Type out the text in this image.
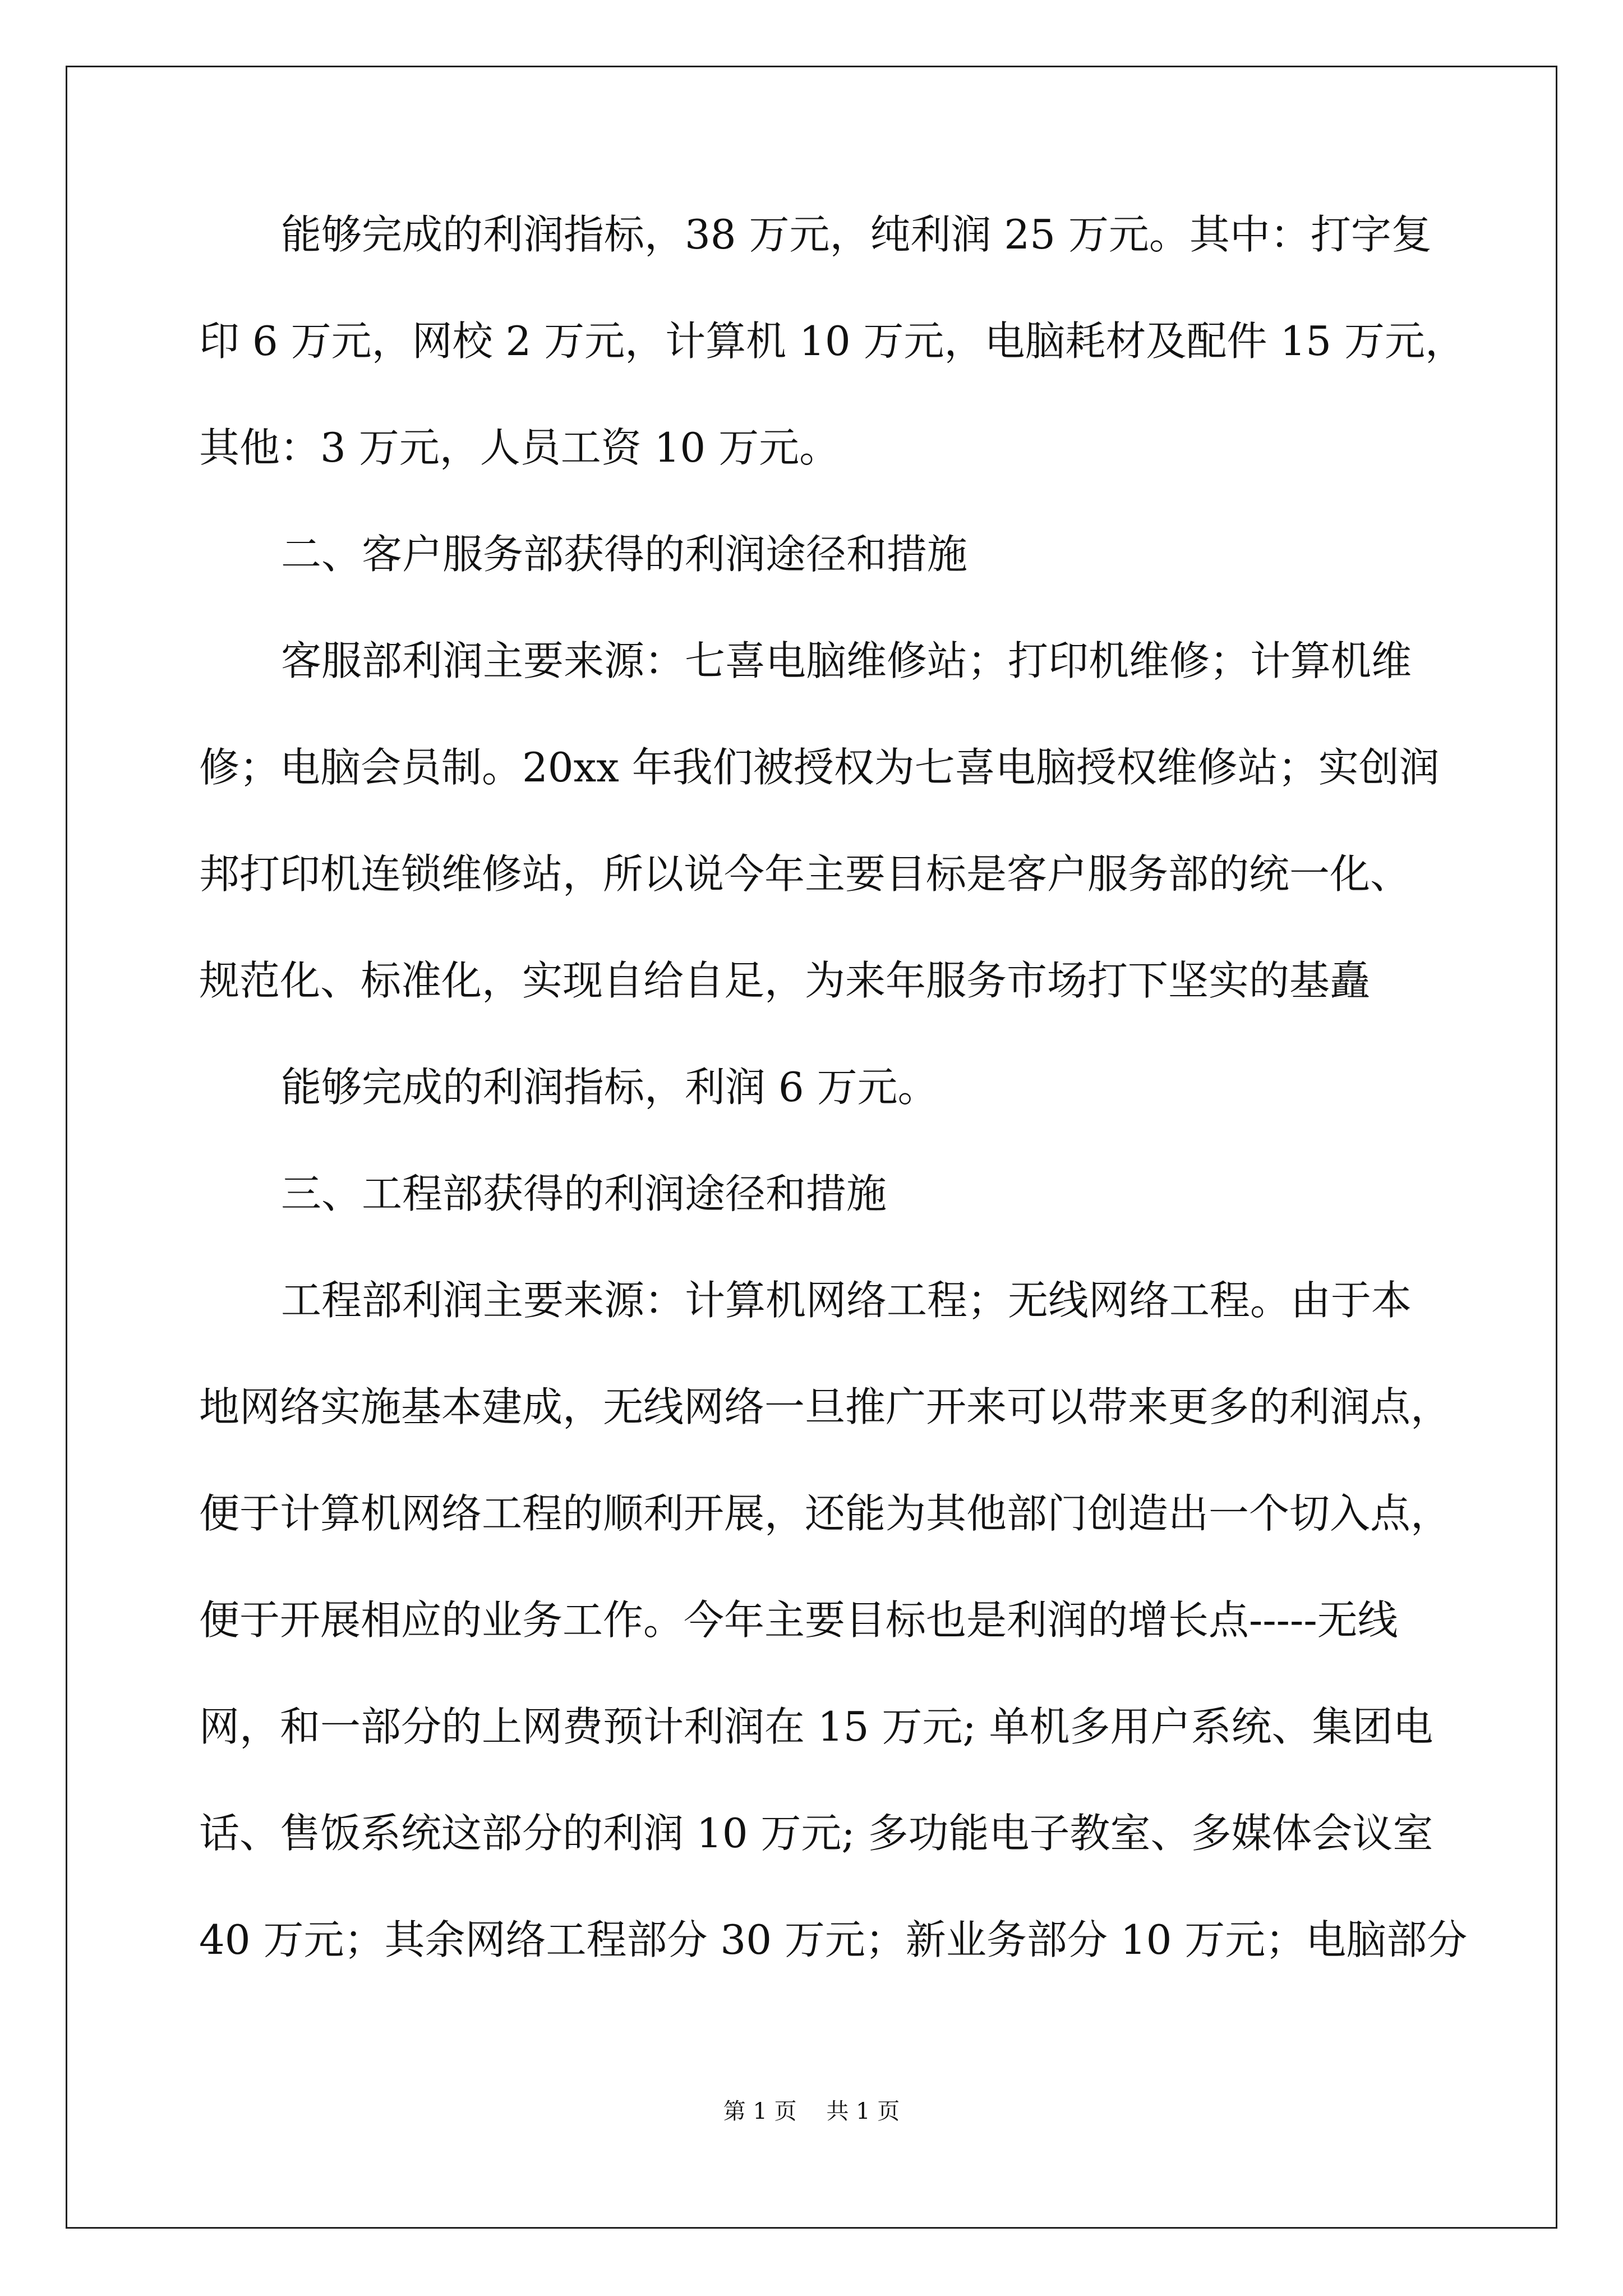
能够完成的利润指标，38 万元，纯利润 25 万元。其中：打字复
印 6 万元，网校 2 万元，计算机 10 万元，电脑耗材及配件 15 万元，
其他：3 万元，人员工资 10 万元。
二、客户服务部获得的利润途径和措施
客服部利润主要来源：七喜电脑维修站；打印机维修；计算机维
修；电脑会员制。20xx 年我们被授权为七喜电脑授权维修站；实创润
邦打印机连锁维修站，所以说今年主要目标是客户服务部的统一化、
规范化、标准化，实现自给自足，为来年服务市场打下坚实的基矗
能够完成的利润指标，利润 6 万元。
三、工程部获得的利润途径和措施
工程部利润主要来源：计算机网络工程；无线网络工程。由于本
地网络实施基本建成，无线网络一旦推广开来可以带来更多的利润点，
便于计算机网络工程的顺利开展，还能为其他部门创造出一个切入点，
便于开展相应的业务工作。今年主要目标也是利润的增长点-----无线
网，和一部分的上网费预计利润在 15 万元; 单机多用户系统、集团电
话、售饭系统这部分的利润 10 万元; 多功能电子教室、多媒体会议室
40 万元；其余网络工程部分 30 万元；新业务部分 10 万元；电脑部分
第 1 页 共 1 页
